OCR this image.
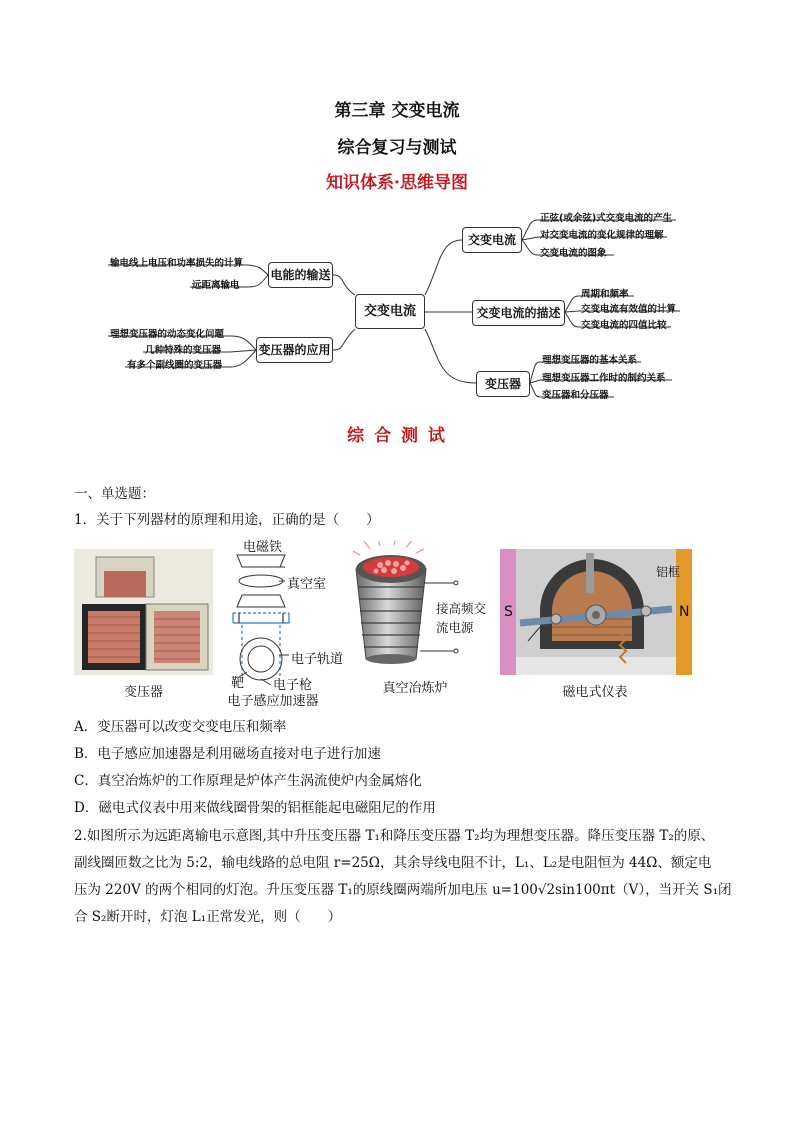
第三章 交变电流
综合复习与测试
知识体系·思维导图
交变电流
交变电流
交变电流的描述
变压器
电能的输送
变压器的应用
正弦(或余弦)式交变电流的产生
对交变电流的变化规律的理解
交变电流的图象
周期和频率
交变电流有效值的计算
交变电流的四值比较
理想变压器的基本关系
理想变压器工作时的制约关系
变压器和分压器
输电线上电压和功率损失的计算
远距离输电
理想变压器的动态变化问题
几种特殊的变压器
有多个副线圈的变压器
综 合 测 试
一、单选题：
1．关于下列器材的原理和用途，正确的是（　　）
变压器
电磁铁
真空室
电子轨道
靶 电子枪
电子感应加速器
接高频交
流电源
真空冶炼炉
S	N
铝框
磁电式仪表
A．变压器可以改变交变电压和频率
B．电子感应加速器是利用磁场直接对电子进行加速
C．真空冶炼炉的工作原理是炉体产生涡流使炉内金属熔化
D．磁电式仪表中用来做线圈骨架的铝框能起电磁阻尼的作用
2.如图所示为远距离输电示意图,其中升压变压器 T₁和降压变压器 T₂均为理想变压器。降压变压器 T₂的原、
副线圈匝数之比为 5:2，输电线路的总电阻 r=25Ω，其余导线电阻不计，L₁、L₂是电阻恒为 44Ω、额定电
压为 220V 的两个相同的灯泡。升压变压器 T₁的原线圈两端所加电压 u=100√2sin100πt（V），当开关 S₁闭
合 S₂断开时，灯泡 L₁正常发光，则（　　）
